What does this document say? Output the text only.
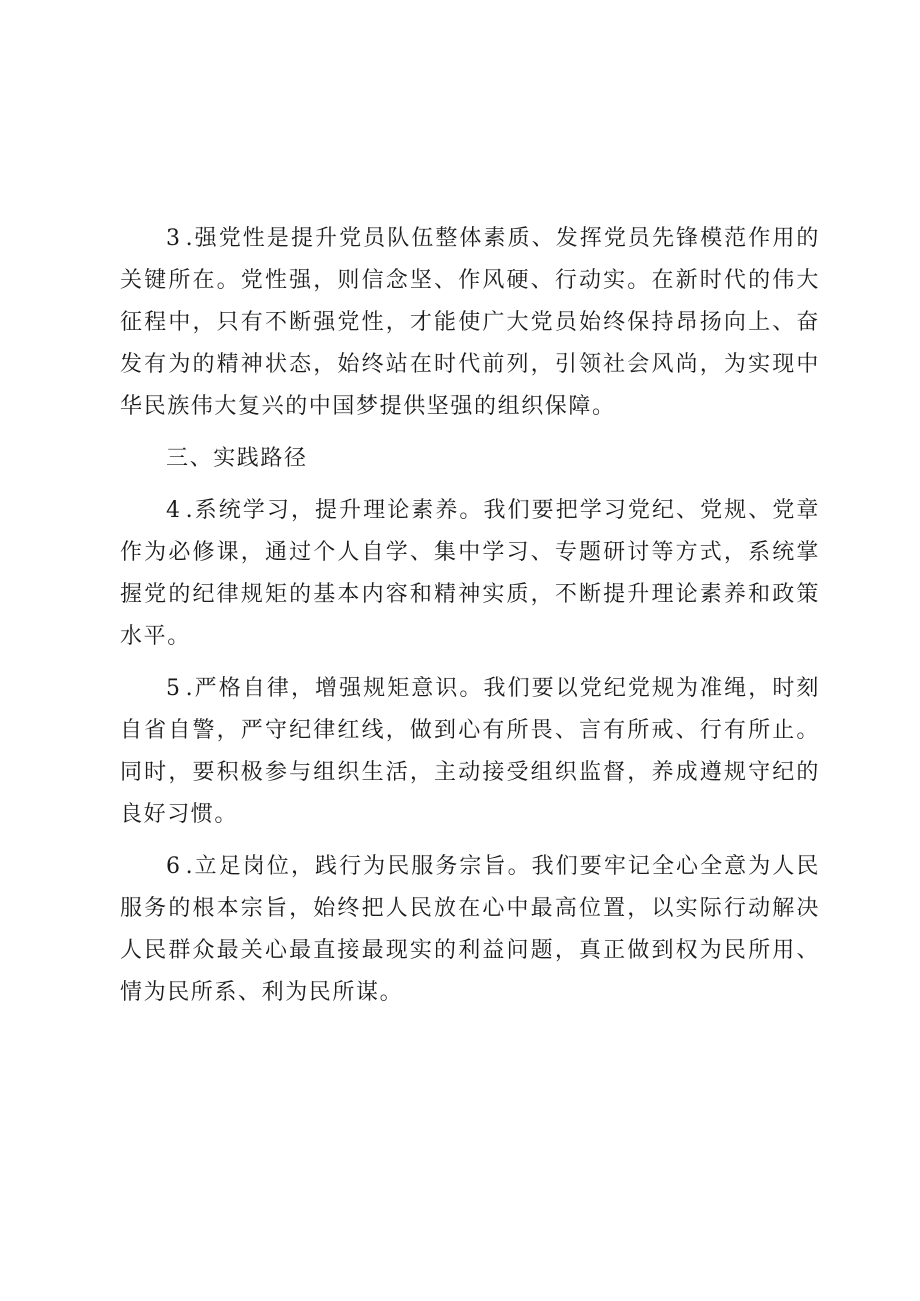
3 .强党性是提升党员队伍整体素质、发挥党员先锋模范作用的关键所在。党性强，则信念坚、作风硬、行动实。在新时代的伟大征程中，只有不断强党性，才能使广大党员始终保持昂扬向上、奋发有为的精神状态，始终站在时代前列，引领社会风尚，为实现中华民族伟大复兴的中国梦提供坚强的组织保障。

三、实践路径

4 .系统学习，提升理论素养。我们要把学习党纪、党规、党章作为必修课，通过个人自学、集中学习、专题研讨等方式，系统掌握党的纪律规矩的基本内容和精神实质，不断提升理论素养和政策水平。

5 .严格自律，增强规矩意识。我们要以党纪党规为准绳，时刻自省自警，严守纪律红线，做到心有所畏、言有所戒、行有所止。同时，要积极参与组织生活，主动接受组织监督，养成遵规守纪的良好习惯。

6 .立足岗位，践行为民服务宗旨。我们要牢记全心全意为人民服务的根本宗旨，始终把人民放在心中最高位置，以实际行动解决人民群众最关心最直接最现实的利益问题，真正做到权为民所用、情为民所系、利为民所谋。
